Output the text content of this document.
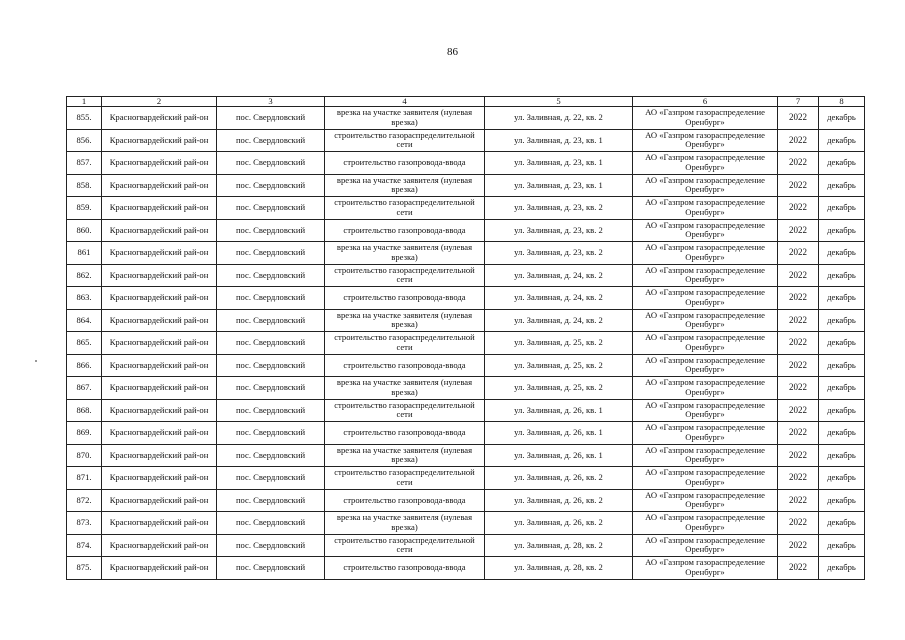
86
1	2	3	4	5	6	7	8
855.	Красногвардейский рай-он	пос. Свердловский	врезка на участке заявителя (нулевая врезка)	ул. Заливная, д. 22, кв. 2	АО «Газпром газораспределение Оренбург»	2022	декабрь
856.	Красногвардейский рай-он	пос. Свердловский	строительство газораспределительной сети	ул. Заливная, д. 23, кв. 1	АО «Газпром газораспределение Оренбург»	2022	декабрь
857.	Красногвардейский рай-он	пос. Свердловский	строительство газопровода-ввода	ул. Заливная, д. 23, кв. 1	АО «Газпром газораспределение Оренбург»	2022	декабрь
858.	Красногвардейский рай-он	пос. Свердловский	врезка на участке заявителя (нулевая врезка)	ул. Заливная, д. 23, кв. 1	АО «Газпром газораспределение Оренбург»	2022	декабрь
859.	Красногвардейский рай-он	пос. Свердловский	строительство газораспределительной сети	ул. Заливная, д. 23, кв. 2	АО «Газпром газораспределение Оренбург»	2022	декабрь
860.	Красногвардейский рай-он	пос. Свердловский	строительство газопровода-ввода	ул. Заливная, д. 23, кв. 2	АО «Газпром газораспределение Оренбург»	2022	декабрь
861	Красногвардейский рай-он	пос. Свердловский	врезка на участке заявителя (нулевая врезка)	ул. Заливная, д. 23, кв. 2	АО «Газпром газораспределение Оренбург»	2022	декабрь
862.	Красногвардейский рай-он	пос. Свердловский	строительство газораспределительной сети	ул. Заливная, д. 24, кв. 2	АО «Газпром газораспределение Оренбург»	2022	декабрь
863.	Красногвардейский рай-он	пос. Свердловский	строительство газопровода-ввода	ул. Заливная, д. 24, кв. 2	АО «Газпром газораспределение Оренбург»	2022	декабрь
864.	Красногвардейский рай-он	пос. Свердловский	врезка на участке заявителя (нулевая врезка)	ул. Заливная, д. 24, кв. 2	АО «Газпром газораспределение Оренбург»	2022	декабрь
865.	Красногвардейский рай-он	пос. Свердловский	строительство газораспределительной сети	ул. Заливная, д. 25, кв. 2	АО «Газпром газораспределение Оренбург»	2022	декабрь
866.	Красногвардейский рай-он	пос. Свердловский	строительство газопровода-ввода	ул. Заливная, д. 25, кв. 2	АО «Газпром газораспределение Оренбург»	2022	декабрь
867.	Красногвардейский рай-он	пос. Свердловский	врезка на участке заявителя (нулевая врезка)	ул. Заливная, д. 25, кв. 2	АО «Газпром газораспределение Оренбург»	2022	декабрь
868.	Красногвардейский рай-он	пос. Свердловский	строительство газораспределительной сети	ул. Заливная, д. 26, кв. 1	АО «Газпром газораспределение Оренбург»	2022	декабрь
869.	Красногвардейский рай-он	пос. Свердловский	строительство газопровода-ввода	ул. Заливная, д. 26, кв. 1	АО «Газпром газораспределение Оренбург»	2022	декабрь
870.	Красногвардейский рай-он	пос. Свердловский	врезка на участке заявителя (нулевая врезка)	ул. Заливная, д. 26, кв. 1	АО «Газпром газораспределение Оренбург»	2022	декабрь
871.	Красногвардейский рай-он	пос. Свердловский	строительство газораспределительной сети	ул. Заливная, д. 26, кв. 2	АО «Газпром газораспределение Оренбург»	2022	декабрь
872.	Красногвардейский рай-он	пос. Свердловский	строительство газопровода-ввода	ул. Заливная, д. 26, кв. 2	АО «Газпром газораспределение Оренбург»	2022	декабрь
873.	Красногвардейский рай-он	пос. Свердловский	врезка на участке заявителя (нулевая врезка)	ул. Заливная, д. 26, кв. 2	АО «Газпром газораспределение Оренбург»	2022	декабрь
874.	Красногвардейский рай-он	пос. Свердловский	строительство газораспределительной сети	ул. Заливная, д. 28, кв. 2	АО «Газпром газораспределение Оренбург»	2022	декабрь
875.	Красногвардейский рай-он	пос. Свердловский	строительство газопровода-ввода	ул. Заливная, д. 28, кв. 2	АО «Газпром газораспределение Оренбург»	2022	декабрь
